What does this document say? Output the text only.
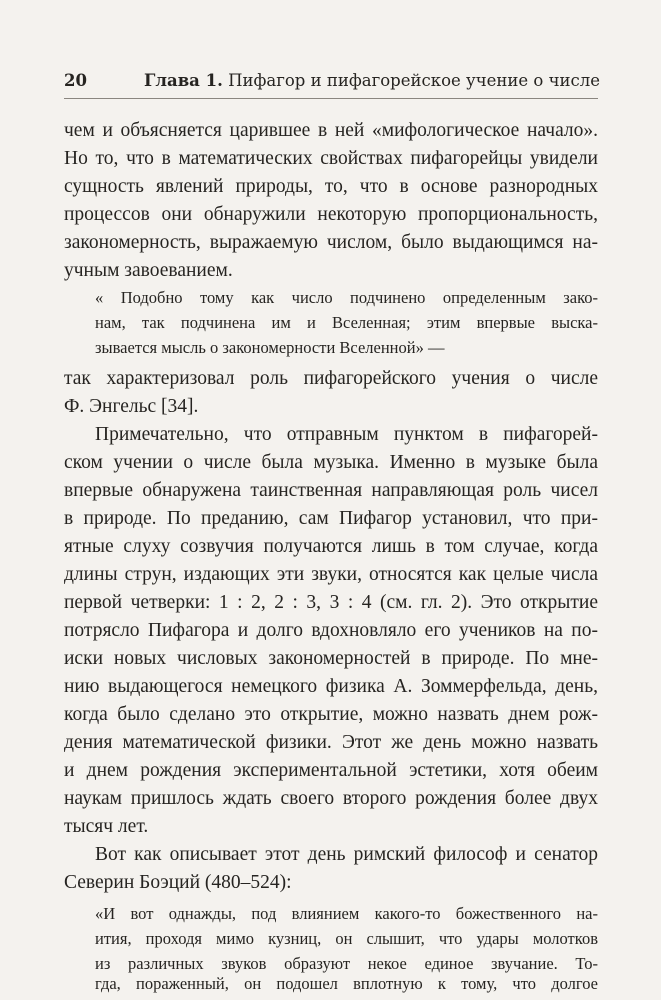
20	Глава 1. Пифагор и пифагорейское учение о числе
чем и объясняется царившее в ней «мифологическое начало».
Но то, что в математических свойствах пифагорейцы увидели
сущность явлений природы, то, что в основе разнородных
процессов они обнаружили некоторую пропорциональность,
закономерность, выражаемую числом, было выдающимся на-
учным завоеванием.
« Подобно тому как число подчинено определенным зако-
нам, так подчинена им и Вселенная; этим впервые выска-
зывается мысль о закономерности Вселенной» —
так характеризовал роль пифагорейского учения о числе
Ф. Энгельс [34].
Примечательно, что отправным пунктом в пифагорей-
ском учении о числе была музыка. Именно в музыке была
впервые обнаружена таинственная направляющая роль чисел
в природе. По преданию, сам Пифагор установил, что при-
ятные слуху созвучия получаются лишь в том случае, когда
длины струн, издающих эти звуки, относятся как целые числа
первой четверки: 1 : 2, 2 : 3, 3 : 4 (см. гл. 2). Это открытие
потрясло Пифагора и долго вдохновляло его учеников на по-
иски новых числовых закономерностей в природе. По мне-
нию выдающегося немецкого физика А. Зоммерфельда, день,
когда было сделано это открытие, можно назвать днем рож-
дения математической физики. Этот же день можно назвать
и днем рождения экспериментальной эстетики, хотя обеим
наукам пришлось ждать своего второго рождения более двух
тысяч лет.
Вот как описывает этот день римский философ и сенатор
Северин Боэций (480–524):
«И вот однажды, под влиянием какого-то божественного на-
ития, проходя мимо кузниц, он слышит, что удары молотков
из различных звуков образуют некое единое звучание. То-
гда, пораженный, он подошел вплотную к тому, что долгое
